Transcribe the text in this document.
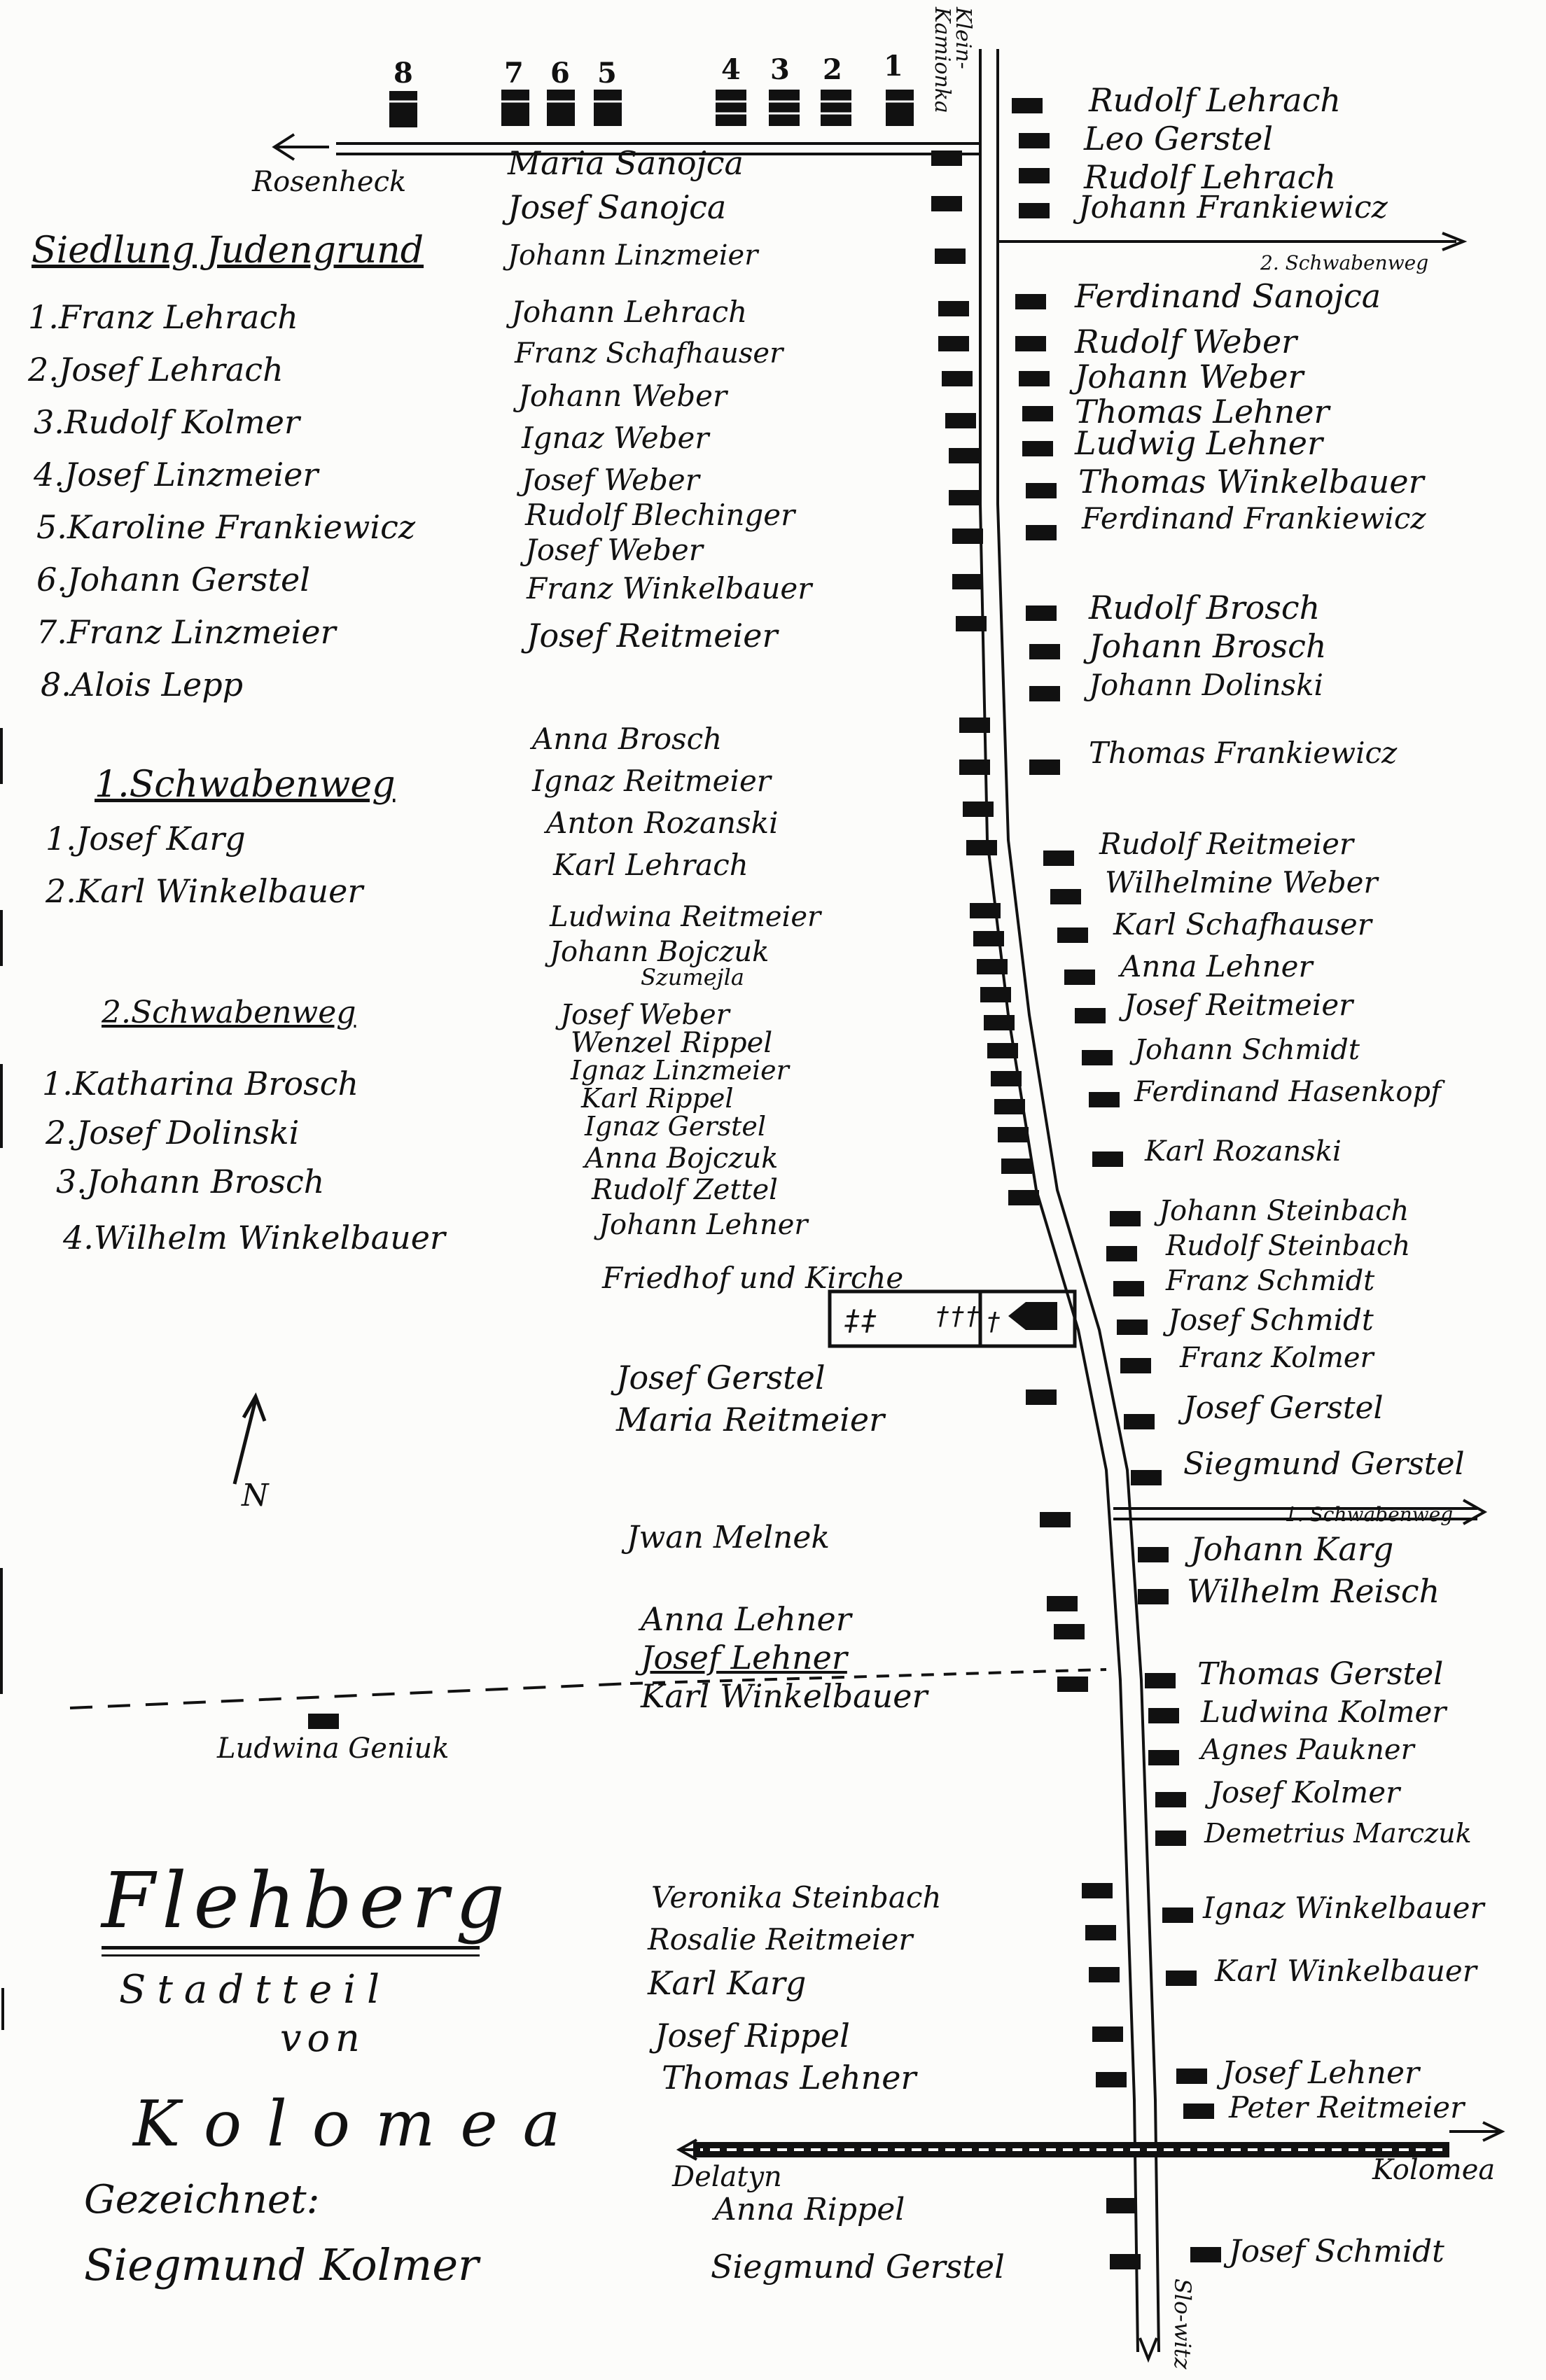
‡‡ ††† †
8	7 6 5	4 3 2 1	Klein-Kamionka
Rosenheck
Siedlung Judengrund
1.Franz Lehrach
2.Josef Lehrach
3.Rudolf Kolmer
4.Josef Linzmeier
5.Karoline Frankiewicz
6.Johann Gerstel
7.Franz Linzmeier
8.Alois Lepp
1.Schwabenweg
1.Josef Karg
2.Karl Winkelbauer
2.Schwabenweg
1.Katharina Brosch
2.Josef Dolinski
3.Johann Brosch
4.Wilhelm Winkelbauer
N
Maria Sanojca
Josef Sanojca
Johann Linzmeier
Johann Lehrach
Franz Schafhauser
Johann Weber
Ignaz Weber
Josef Weber
Rudolf Blechinger
Josef Weber
Franz Winkelbauer
Josef Reitmeier
Anna Brosch
Ignaz Reitmeier
Anton Rozanski
Karl Lehrach
Ludwina Reitmeier
Johann Bojczuk
Szumejla
Josef Weber
Wenzel Rippel
Ignaz Linzmeier
Karl Rippel
Ignaz Gerstel
Anna Bojczuk
Rudolf Zettel
Johann Lehner
Friedhof und Kirche
Josef Gerstel
Maria Reitmeier
Jwan Melnek
Anna Lehner
Josef Lehner
Karl Winkelbauer
Ludwina Geniuk
Veronika Steinbach
Rosalie Reitmeier
Karl Karg
Josef Rippel
Thomas Lehner
Delatyn
Anna Rippel
Siegmund Gerstel
Rudolf Lehrach
Leo Gerstel
Rudolf Lehrach
Johann Frankiewicz
2. Schwabenweg
Ferdinand Sanojca
Rudolf Weber
Johann Weber
Thomas Lehner
Ludwig Lehner
Thomas Winkelbauer
Ferdinand Frankiewicz
Rudolf Brosch
Johann Brosch
Johann Dolinski
Thomas Frankiewicz
Rudolf Reitmeier
Wilhelmine Weber
Karl Schafhauser
Anna Lehner
Josef Reitmeier
Johann Schmidt
Ferdinand Hasenkopf
Karl Rozanski
Johann Steinbach
Rudolf Steinbach
Franz Schmidt
Josef Schmidt
Franz Kolmer
Josef Gerstel
Siegmund Gerstel
1. Schwabenweg
Johann Karg
Wilhelm Reisch
Thomas Gerstel
Ludwina Kolmer
Agnes Paukner
Josef Kolmer
Demetrius Marczuk
Ignaz Winkelbauer
Karl Winkelbauer
Josef Lehner
Peter Reitmeier
Kolomea
Josef Schmidt
Slo-witz
Flehberg
Stadtteil
von
Kolomea
Gezeichnet:
Siegmund Kolmer
